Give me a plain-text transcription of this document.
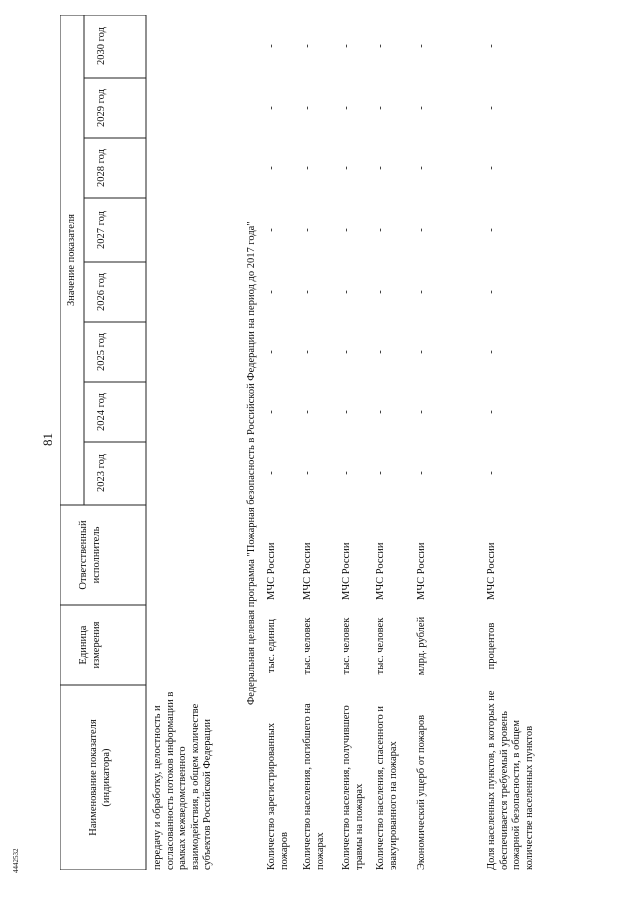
81
4442532
Наименование показателя (индикатора)
Единица измерения
Ответственный исполнитель
Значение показателя
2023 год
2024 год
2025 год
2026 год
2027 год
2028 год
2029 год
2030 год
передачу и обработку, целостность и согласованность потоков информации в рамках межведомственного взаимодействия, в общем количестве субъектов Российской Федерации
Федеральная целевая программа "Пожарная безопасность в Российской Федерации на период до 2017 года"
Количество зарегистрированных пожаров
тыс. единиц
МЧС России
-
-
-
-
-
-
-
-
Количество населения, погибшего на пожарах
тыс. человек
МЧС России
-
-
-
-
-
-
-
-
Количество населения, получившего травмы на пожарах
тыс. человек
МЧС России
-
-
-
-
-
-
-
-
Количество населения, спасенного и эвакуированного на пожарах
тыс. человек
МЧС России
-
-
-
-
-
-
-
-
Экономический ущерб от пожаров
млрд. рублей
МЧС России
-
-
-
-
-
-
-
-
Доля населенных пунктов, в которых не обеспечивается требуемый уровень пожарной безопасности, в общем количестве населенных пунктов
процентов
МЧС России
-
-
-
-
-
-
-
-
